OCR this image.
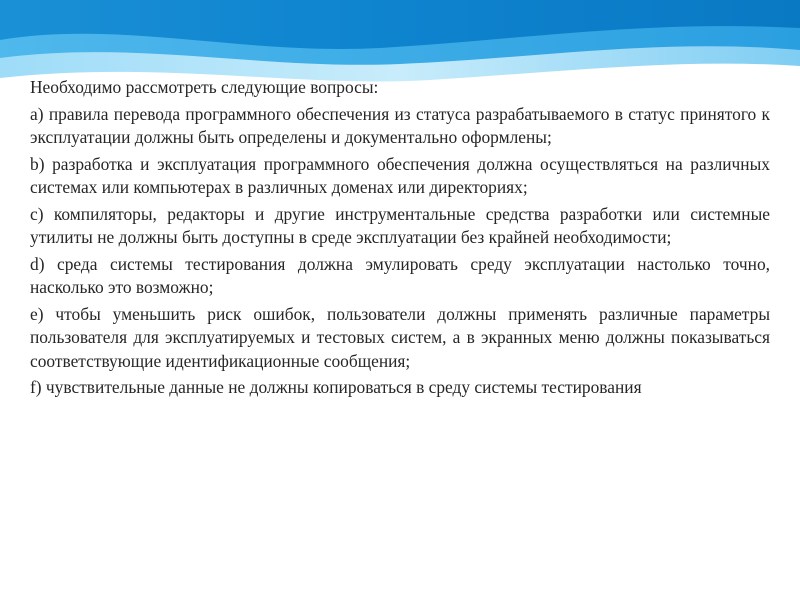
Необходимо рассмотреть следующие вопросы:

a) правила перевода программного обеспечения из статуса разрабатываемого в статус принятого к эксплуатации должны быть определены и документально оформлены;

b) разработка и эксплуатация программного обеспечения должна осуществляться на различных системах или компьютерах в различных доменах или директориях;

c) компиляторы, редакторы и другие инструментальные средства разработки или системные утилиты не должны быть доступны в среде эксплуатации без крайней необходимости;

d) среда системы тестирования должна эмулировать среду эксплуатации настолько точно, насколько это возможно;

e) чтобы уменьшить риск ошибок, пользователи должны применять различные параметры пользователя для эксплуатируемых и тестовых систем, а в экранных меню должны показываться соответствующие идентификационные сообщения;

f) чувствительные данные не должны копироваться в среду системы тестирования
